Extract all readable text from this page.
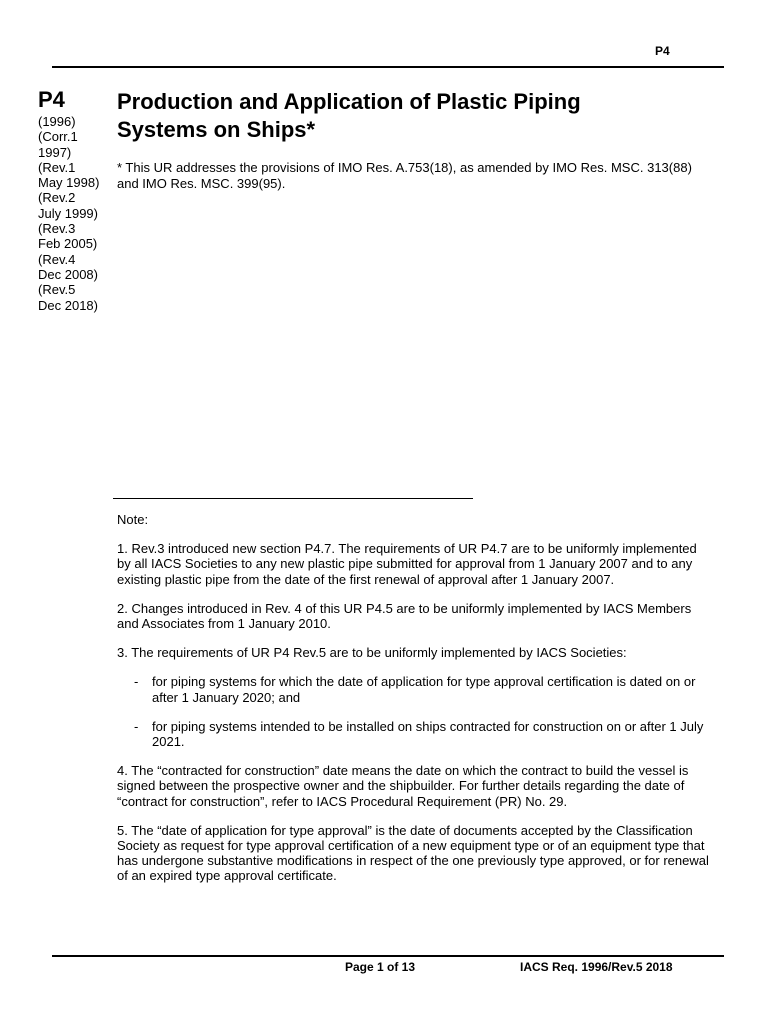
P4
P4
(1996)
(Corr.1
1997)
(Rev.1
May 1998)
(Rev.2
July 1999)
(Rev.3
Feb 2005)
(Rev.4
Dec 2008)
(Rev.5
Dec 2018)
Production and Application of Plastic Piping
Systems on Ships*
* This UR addresses the provisions of IMO Res. A.753(18), as amended by IMO Res. MSC. 313(88) and IMO Res. MSC. 399(95).

Note:

1. Rev.3 introduced new section P4.7. The requirements of UR P4.7 are to be uniformly implemented by all IACS Societies to any new plastic pipe submitted for approval from 1 January 2007 and to any existing plastic pipe from the date of the first renewal of approval after 1 January 2007.

2. Changes introduced in Rev. 4 of this UR P4.5 are to be uniformly implemented by IACS Members and Associates from 1 January 2010.

3. The requirements of UR P4 Rev.5 are to be uniformly implemented by IACS Societies:

-	for piping systems for which the date of application for type approval certification is dated on or after 1 January 2020; and
-	for piping systems intended to be installed on ships contracted for construction on or after 1 July 2021.

4. The “contracted for construction” date means the date on which the contract to build the vessel is signed between the prospective owner and the shipbuilder. For further details regarding the date of “contract for construction”, refer to IACS Procedural Requirement (PR) No. 29.

5. The “date of application for type approval” is the date of documents accepted by the Classification Society as request for type approval certification of a new equipment type or of an equipment type that has undergone substantive modifications in respect of the one previously type approved, or for renewal of an expired type approval certificate.

Page 1 of 13	IACS Req. 1996/Rev.5 2018
